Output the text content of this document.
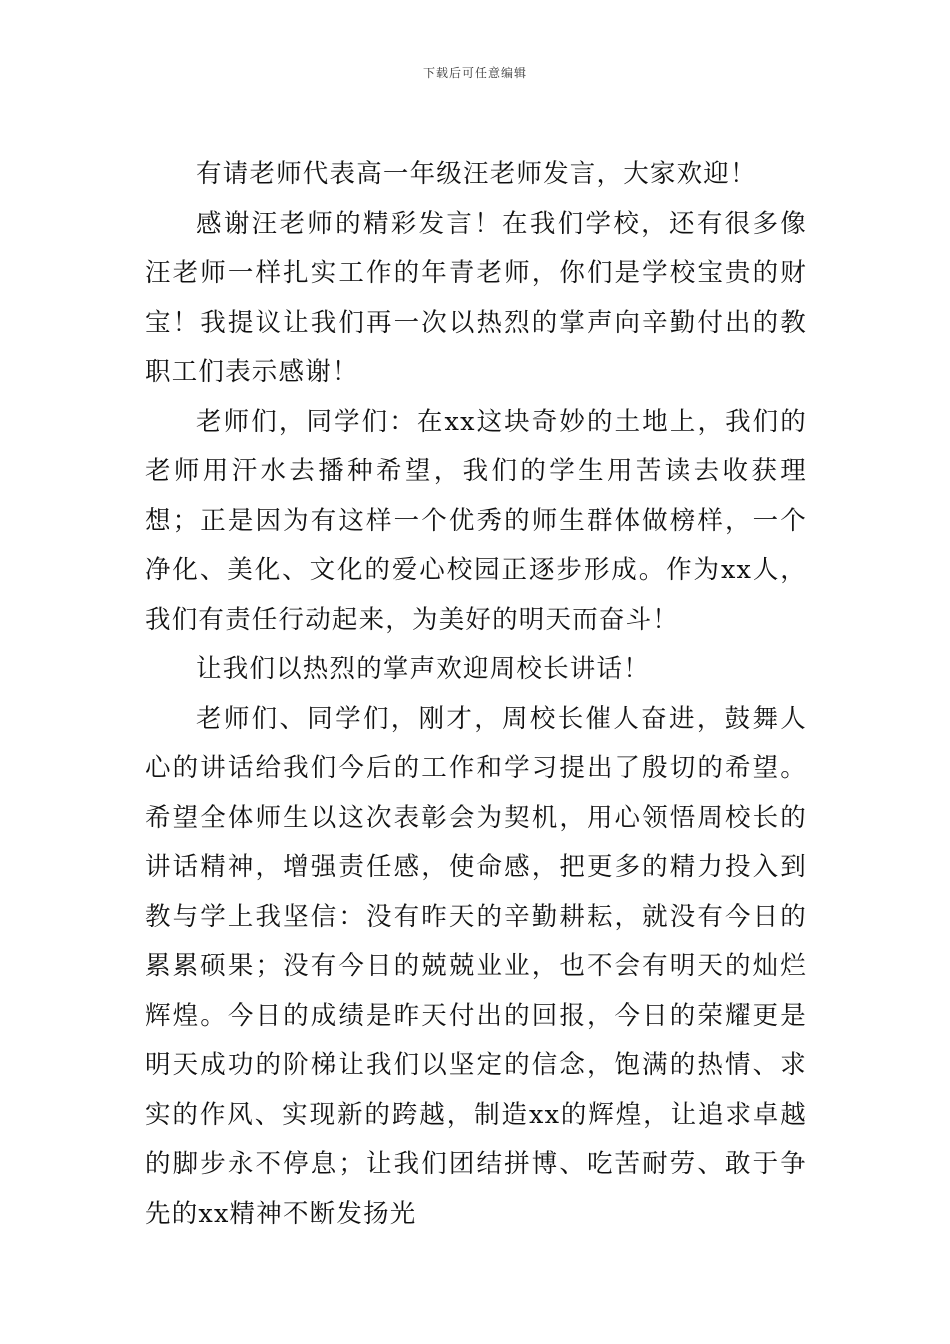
下载后可任意编辑

有请老师代表高一年级汪老师发言，大家欢迎！

感谢汪老师的精彩发言！在我们学校，还有很多像汪老师一样扎实工作的年青老师，你们是学校宝贵的财宝！我提议让我们再一次以热烈的掌声向辛勤付出的教职工们表示感谢！

老师们，同学们：在xx这块奇妙的土地上，我们的老师用汗水去播种希望，我们的学生用苦读去收获理想；正是因为有这样一个优秀的师生群体做榜样，一个净化、美化、文化的爱心校园正逐步形成。作为xx人，我们有责任行动起来，为美好的明天而奋斗！

让我们以热烈的掌声欢迎周校长讲话！

老师们、同学们，刚才，周校长催人奋进，鼓舞人心的讲话给我们今后的工作和学习提出了殷切的希望。希望全体师生以这次表彰会为契机，用心领悟周校长的讲话精神，增强责任感，使命感，把更多的精力投入到教与学上我坚信：没有昨天的辛勤耕耘，就没有今日的累累硕果；没有今日的兢兢业业，也不会有明天的灿烂辉煌。今日的成绩是昨天付出的回报，今日的荣耀更是明天成功的阶梯让我们以坚定的信念，饱满的热情、求实的作风、实现新的跨越，制造xx的辉煌，让追求卓越的脚步永不停息；让我们团结拼博、吃苦耐劳、敢于争先的xx精神不断发扬光
